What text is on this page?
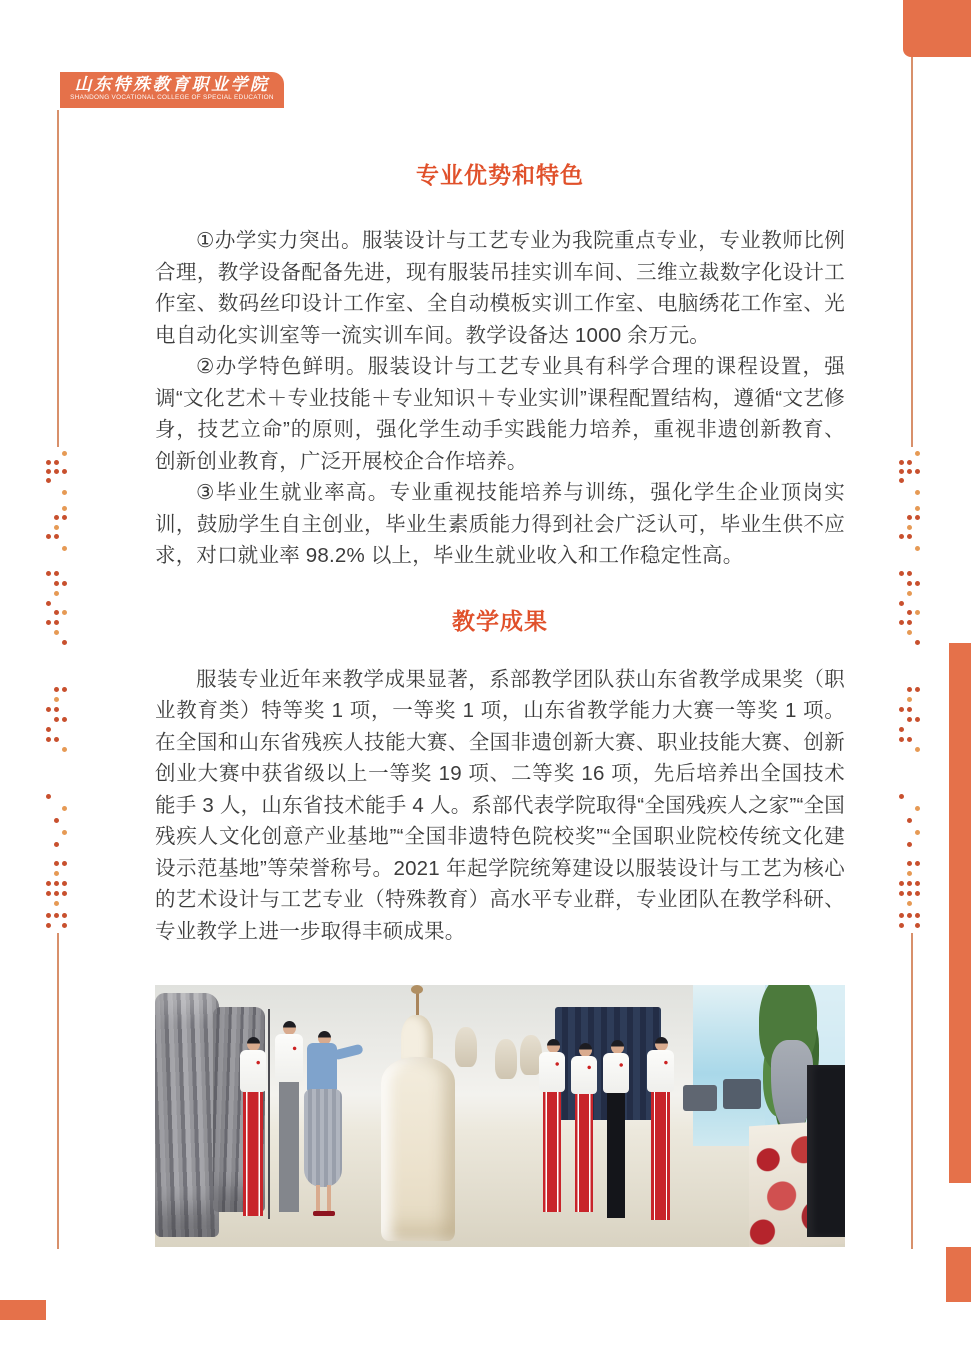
山东特殊教育职业学院
SHANDONG VOCATIONAL COLLEGE OF SPECIAL EDUCATION
专业优势和特色

①办学实力突出。服装设计与工艺专业为我院重点专业，专业教师比例合理，教学设备配备先进，现有服装吊挂实训车间、三维立裁数字化设计工作室、数码丝印设计工作室、全自动模板实训工作室、电脑绣花工作室、光电自动化实训室等一流实训车间。教学设备达 1000 余万元。

②办学特色鲜明。服装设计与工艺专业具有科学合理的课程设置，强调“文化艺术＋专业技能＋专业知识＋专业实训”课程配置结构，遵循“文艺修身，技艺立命”的原则，强化学生动手实践能力培养，重视非遗创新教育、创新创业教育，广泛开展校企合作培养。

③毕业生就业率高。专业重视技能培养与训练，强化学生企业顶岗实训，鼓励学生自主创业，毕业生素质能力得到社会广泛认可，毕业生供不应求，对口就业率 98.2% 以上，毕业生就业收入和工作稳定性高。

教学成果

服装专业近年来教学成果显著，系部教学团队获山东省教学成果奖（职业教育类）特等奖 1 项，一等奖 1 项，山东省教学能力大赛一等奖 1 项。在全国和山东省残疾人技能大赛、全国非遗创新大赛、职业技能大赛、创新创业大赛中获省级以上一等奖 19 项、二等奖 16 项，先后培养出全国技术能手 3 人，山东省技术能手 4 人。系部代表学院取得“全国残疾人之家”“全国残疾人文化创意产业基地”“全国非遗特色院校奖”“全国职业院校传统文化建设示范基地”等荣誉称号。2021 年起学院统筹建设以服装设计与工艺为核心的艺术设计与工艺专业（特殊教育）高水平专业群，专业团队在教学科研、专业教学上进一步取得丰硕成果。
